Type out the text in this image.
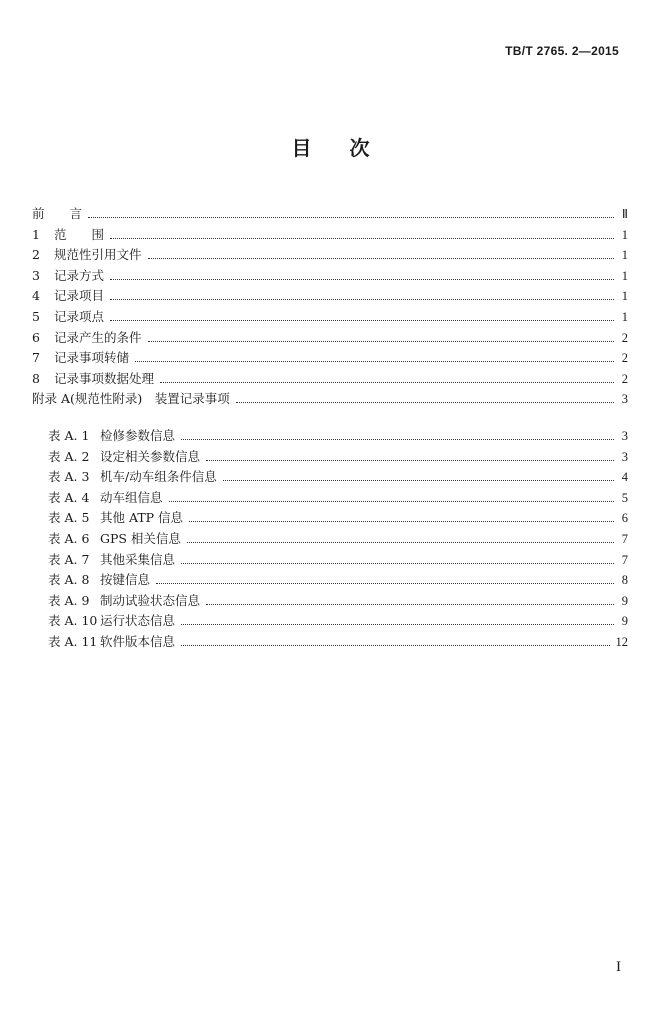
TB/T 2765. 2—2015
目次
前　　言	Ⅱ
1	范　　围	1
2	规范性引用文件	1
3	记录方式	1
4	记录项目	1
5	记录项点	1
6	记录产生的条件	2
7	记录事项转储	2
8	记录事项数据处理	2
附录 A(规范性附录)　装置记录事项	3
表 A. 1 检修参数信息	3
表 A. 2 设定相关参数信息	3
表 A. 3 机车/动车组条件信息	4
表 A. 4 动车组信息	5
表 A. 5 其他 ATP 信息	6
表 A. 6 GPS 相关信息	7
表 A. 7 其他采集信息	7
表 A. 8 按键信息	8
表 A. 9 制动试验状态信息	9
表 A. 10 运行状态信息	9
表 A. 11 软件版本信息	12
I
